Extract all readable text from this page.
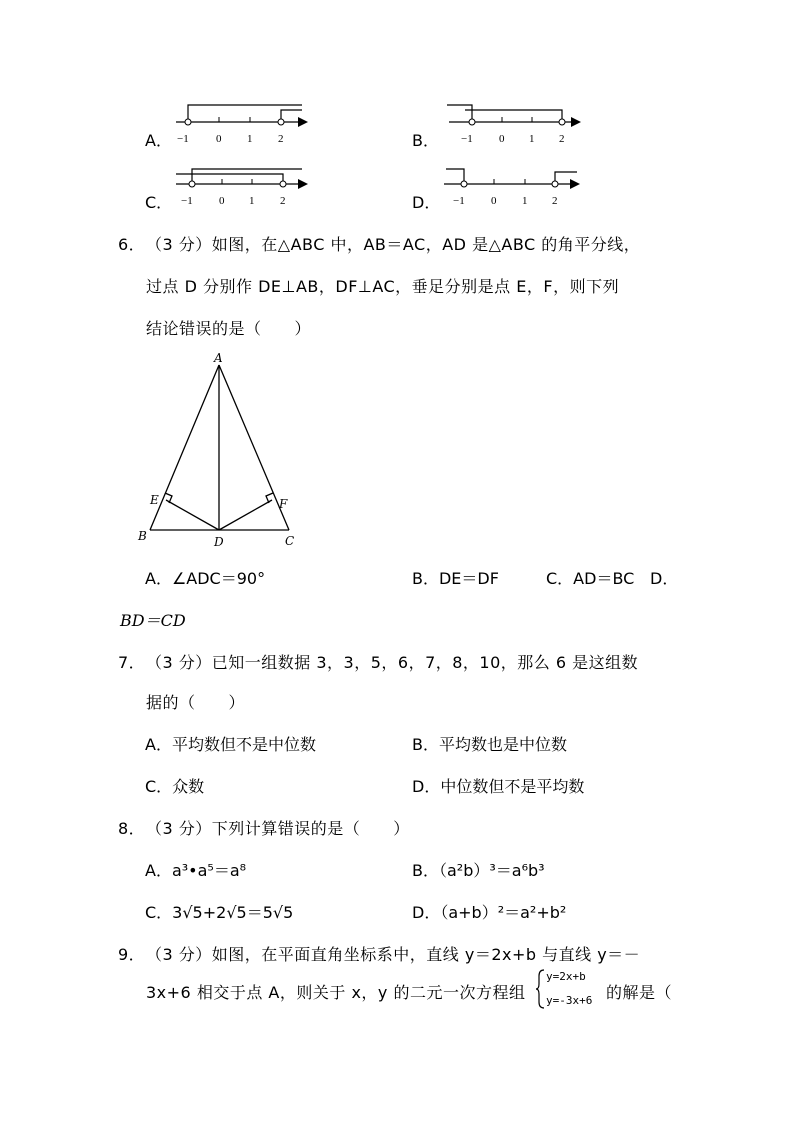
A． −1 0 1 2	B． −1 0 1 2
C． −1 0 1 2	D． −1 0 1 2
6． （3 分）如图，在△ABC 中，AB＝AC，AD 是△ABC 的角平分线，
过点 D 分别作 DE⊥AB，DF⊥AC，垂足分别是点 E，F，则下列
结论错误的是（　　）
A
B	C
D
E	F
A．∠ADC＝90°	B．DE＝DF	C．AD＝BC D．
BD＝CD
7． （3 分）已知一组数据 3，3，5，6，7，8，10，那么 6 是这组数
据的（　　）
A．平均数但不是中位数	B．平均数也是中位数
C．众数	D．中位数但不是平均数
8． （3 分）下列计算错误的是（　　）
A．a³•a⁵＝a⁸	B．（a²b）³＝a⁶b³
C．3√5+2√5＝5√5	D．（a+b）²＝a²+b²
9． （3 分）如图，在平面直角坐标系中，直线 y＝2x+b 与直线 y＝－
3x+6 相交于点 A，则关于 x，y 的二元一次方程组
y=2x+b
y=-3x+6 的解是（
